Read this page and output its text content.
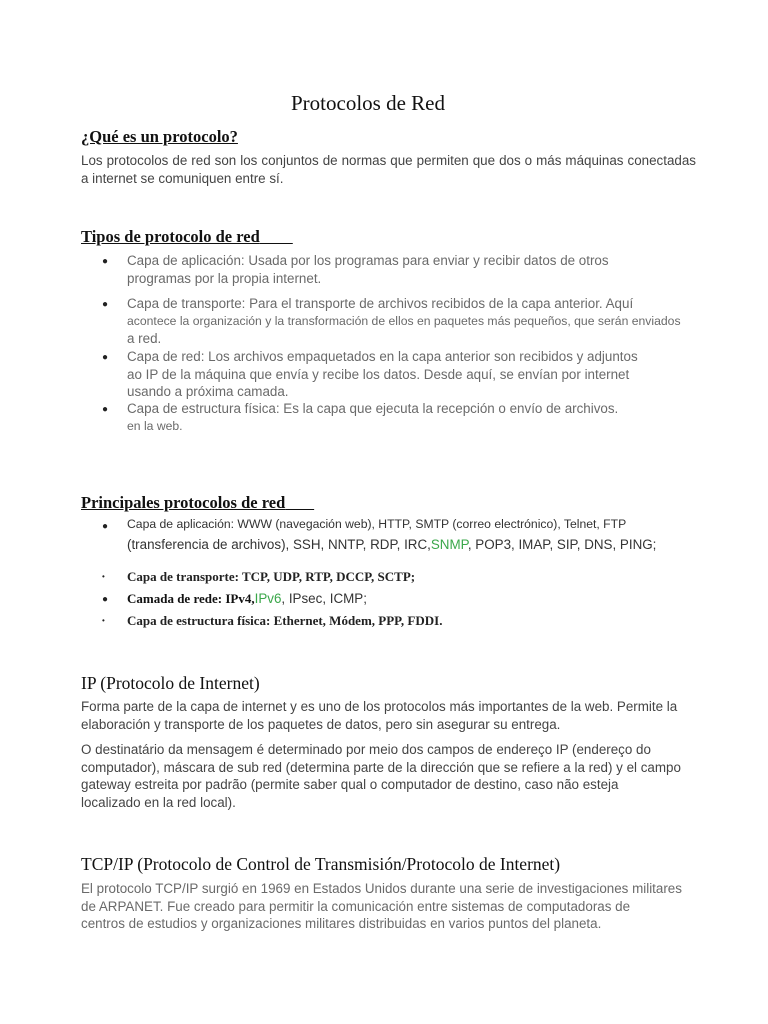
Protocolos de Red
¿Qué es un protocolo?
Los protocolos de red son los conjuntos de normas que permiten que dos o más máquinas conectadas a internet se comuniquen entre sí.
Tipos de protocolo de red
● Capa de aplicación: Usada por los programas para enviar y recibir datos de otros
programas por la propia internet.
● Capa de transporte: Para el transporte de archivos recibidos de la capa anterior. Aquí
acontece la organización y la transformación de ellos en paquetes más pequeños, que serán enviados
a red.
● Capa de red: Los archivos empaquetados en la capa anterior son recibidos y adjuntos
ao IP de la máquina que envía y recibe los datos. Desde aquí, se envían por internet
usando a próxima camada.
● Capa de estructura física: Es la capa que ejecuta la recepción o envío de archivos.
en la web.
Principales protocolos de red
● Capa de aplicación: WWW (navegación web), HTTP, SMTP (correo electrónico), Telnet, FTP
(transferencia de archivos), SSH, NNTP, RDP, IRC,SNMP, POP3, IMAP, SIP, DNS, PING;
• Capa de transporte: TCP, UDP, RTP, DCCP, SCTP;
● Camada de rede: IPv4,IPv6, IPsec, ICMP;
• Capa de estructura física: Ethernet, Módem, PPP, FDDI.
IP (Protocolo de Internet)
Forma parte de la capa de internet y es uno de los protocolos más importantes de la web. Permite la
elaboración y transporte de los paquetes de datos, pero sin asegurar su entrega.
O destinatário da mensagem é determinado por meio dos campos de endereço IP (endereço do
computador), máscara de sub red (determina parte de la dirección que se refiere a la red) y el campo
gateway estreita por padrão (permite saber qual o computador de destino, caso não esteja
localizado en la red local).
TCP/IP (Protocolo de Control de Transmisión/Protocolo de Internet)
El protocolo TCP/IP surgió en 1969 en Estados Unidos durante una serie de investigaciones militares
de ARPANET. Fue creado para permitir la comunicación entre sistemas de computadoras de
centros de estudios y organizaciones militares distribuidas en varios puntos del planeta.
